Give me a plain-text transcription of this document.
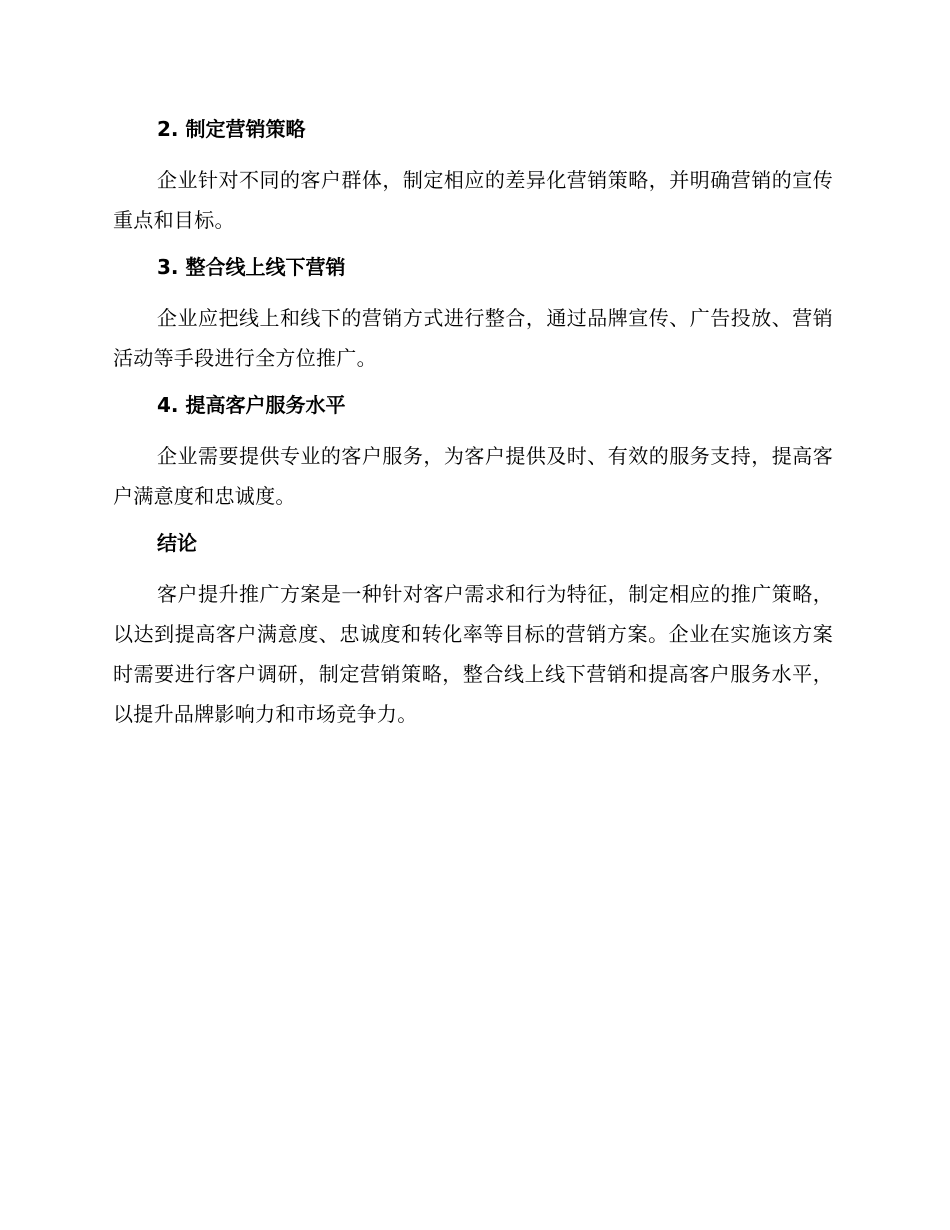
2. 制定营销策略

企业针对不同的客户群体，制定相应的差异化营销策略，并明确营销的宣传重点和目标。

3. 整合线上线下营销

企业应把线上和线下的营销方式进行整合，通过品牌宣传、广告投放、营销活动等手段进行全方位推广。

4. 提高客户服务水平

企业需要提供专业的客户服务，为客户提供及时、有效的服务支持，提高客户满意度和忠诚度。

结论

客户提升推广方案是一种针对客户需求和行为特征，制定相应的推广策略，以达到提高客户满意度、忠诚度和转化率等目标的营销方案。企业在实施该方案时需要进行客户调研，制定营销策略，整合线上线下营销和提高客户服务水平，以提升品牌影响力和市场竞争力。
